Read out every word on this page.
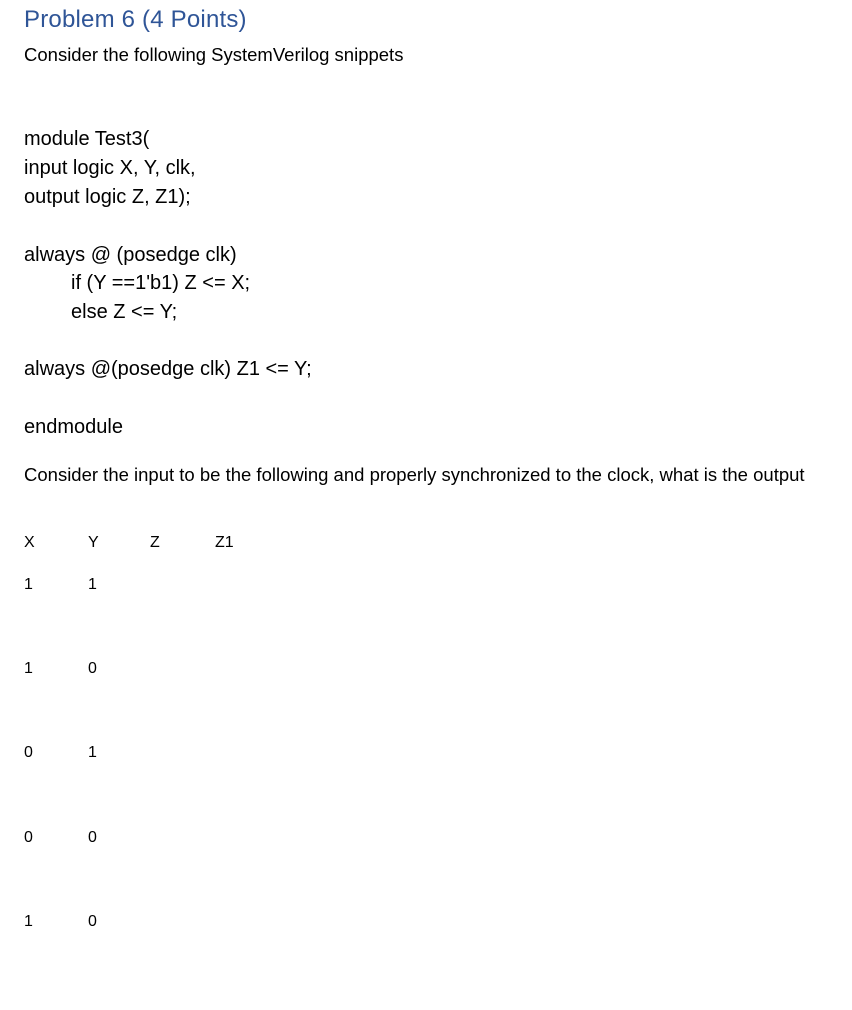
Problem 6 (4 Points)
Consider the following SystemVerilog snippets
module Test3(
input logic X, Y, clk,
output logic Z, Z1);
always @ (posedge clk)
if (Y ==1'b1) Z <= X;
else Z <= Y;
always @(posedge clk) Z1 <= Y;
endmodule
Consider the input to be the following and properly synchronized to the clock, what is the output
X	Y	Z	Z1
1	1
1	0
0	1
0	0
1	0
